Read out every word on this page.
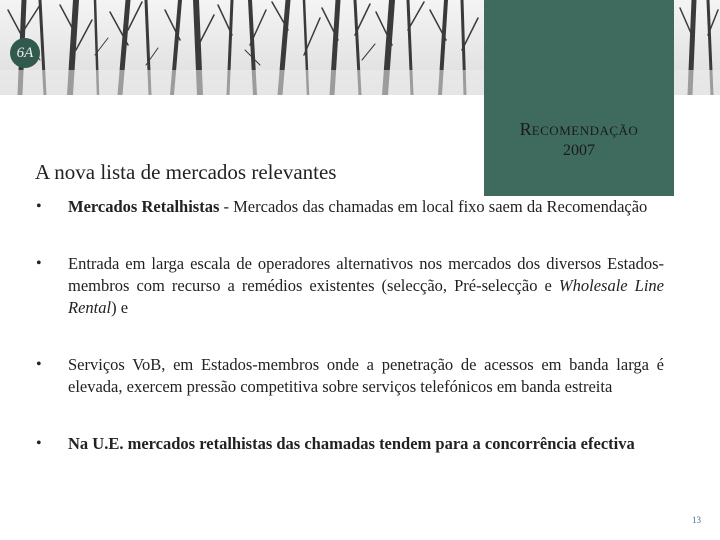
6A
RECOMENDAÇÃO
2007
A nova lista de mercados relevantes
• Mercados Retalhistas - Mercados das chamadas em local fixo saem da Recomendação
• Entrada em larga escala de operadores alternativos nos mercados dos diversos Estados-membros com recurso a remédios existentes (selecção, Pré-selecção e Wholesale Line Rental) e
• Serviços VoB, em Estados-membros onde a penetração de acessos em banda larga é elevada, exercem pressão competitiva sobre serviços telefónicos em banda estreita
• Na U.E. mercados retalhistas das chamadas tendem para a concorrência efectiva
13
